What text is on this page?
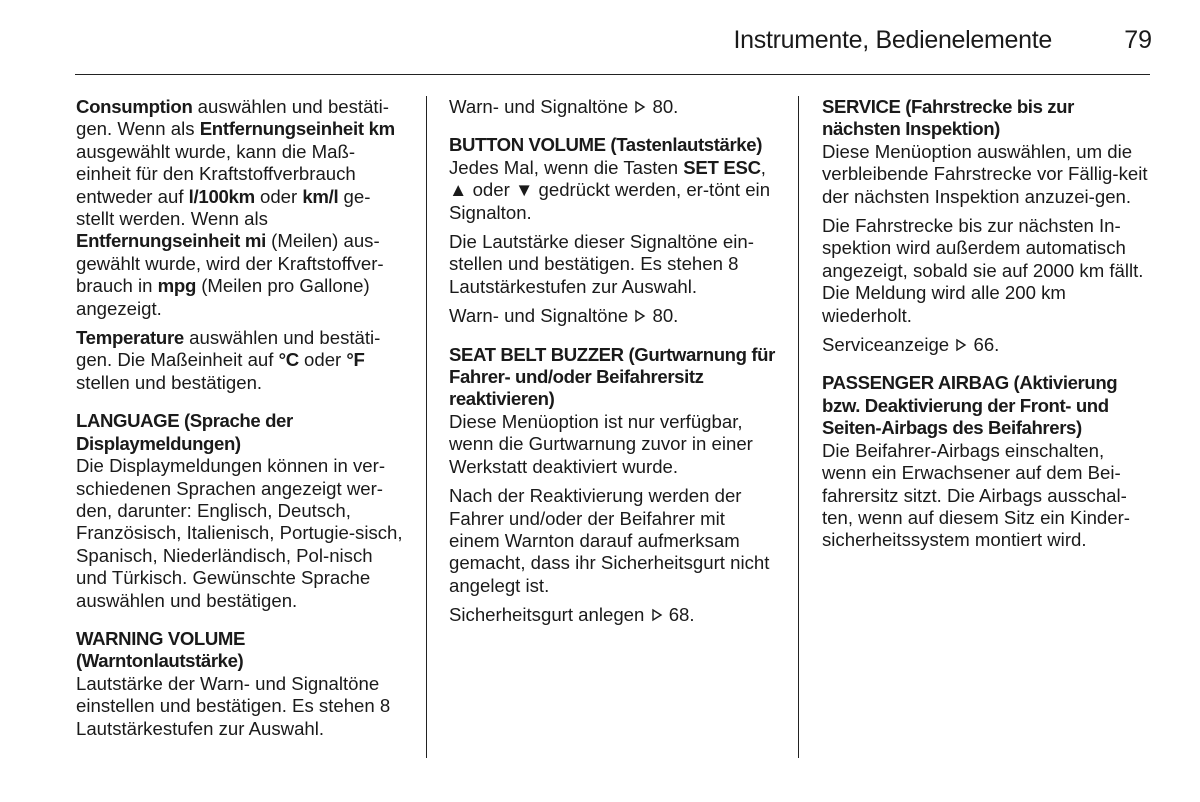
Instrumente, Bedienelemente	79

Consumption auswählen und bestäti-gen. Wenn als Entfernungseinheit km ausgewählt wurde, kann die Maß-einheit für den Kraftstoffverbrauch entweder auf l/100km oder km/l ge-stellt werden. Wenn als Entfernungseinheit mi (Meilen) aus-gewählt wurde, wird der Kraftstoffver-brauch in mpg (Meilen pro Gallone) angezeigt.

Temperature auswählen und bestäti-gen. Die Maßeinheit auf °C oder °F stellen und bestätigen.

LANGUAGE (Sprache der Displaymeldungen)

Die Displaymeldungen können in ver-schiedenen Sprachen angezeigt wer-den, darunter: Englisch, Deutsch, Französisch, Italienisch, Portugie-sisch, Spanisch, Niederländisch, Pol-nisch und Türkisch. Gewünschte Sprache auswählen und bestätigen.

WARNING VOLUME (Warntonlautstärke)

Lautstärke der Warn- und Signaltöne einstellen und bestätigen. Es stehen 8 Lautstärkestufen zur Auswahl.

Warn- und Signaltöne  80.

BUTTON VOLUME (Tastenlautstärke)

Jedes Mal, wenn die Tasten SET ESC, ▲ oder ▼ gedrückt werden, er-tönt ein Signalton.

Die Lautstärke dieser Signaltöne ein-stellen und bestätigen. Es stehen 8 Lautstärkestufen zur Auswahl.

Warn- und Signaltöne  80.

SEAT BELT BUZZER (Gurtwarnung für Fahrer- und/oder Beifahrersitz reaktivieren)

Diese Menüoption ist nur verfügbar, wenn die Gurtwarnung zuvor in einer Werkstatt deaktiviert wurde.

Nach der Reaktivierung werden der Fahrer und/oder der Beifahrer mit einem Warnton darauf aufmerksam gemacht, dass ihr Sicherheitsgurt nicht angelegt ist.

Sicherheitsgurt anlegen  68.

SERVICE (Fahrstrecke bis zur nächsten Inspektion)

Diese Menüoption auswählen, um die verbleibende Fahrstrecke vor Fällig-keit der nächsten Inspektion anzuzei-gen.

Die Fahrstrecke bis zur nächsten In-spektion wird außerdem automatisch angezeigt, sobald sie auf 2000 km fällt. Die Meldung wird alle 200 km wiederholt.

Serviceanzeige  66.

PASSENGER AIRBAG (Aktivierung bzw. Deaktivierung der Front- und Seiten-Airbags des Beifahrers)

Die Beifahrer-Airbags einschalten, wenn ein Erwachsener auf dem Bei-fahrersitz sitzt. Die Airbags ausschal-ten, wenn auf diesem Sitz ein Kinder-sicherheitssystem montiert wird.
